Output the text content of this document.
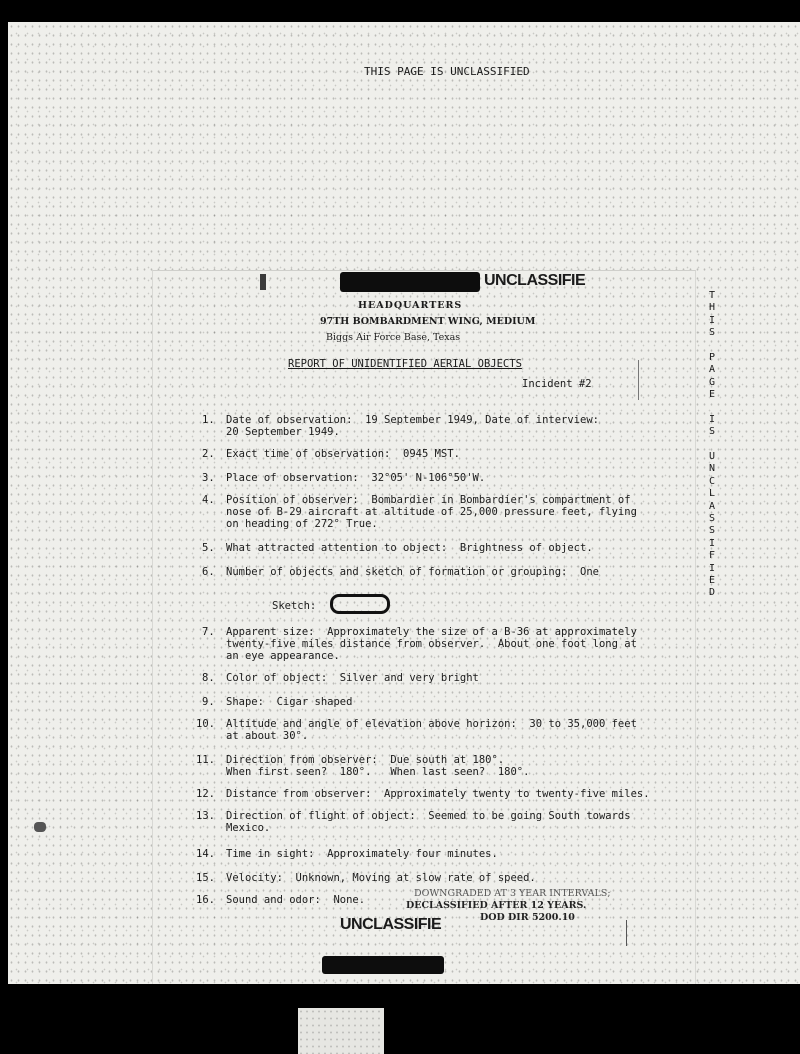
THIS PAGE IS UNCLASSIFIED
UNCLASSIFIE
HEADQUARTERS
97TH BOMBARDMENT WING, MEDIUM
Biggs Air Force Base, Texas
REPORT OF UNIDENTIFIED AERIAL OBJECTS
Incident #2
1. Date of observation:  19 September 1949, Date of interview:
20 September 1949.
2. Exact time of observation:  0945 MST.
3. Place of observation:  32°05' N-106°50'W.
4. Position of observer:  Bombardier in Bombardier's compartment of
nose of B-29 aircraft at altitude of 25,000 pressure feet, flying
on heading of 272° True.
5. What attracted attention to object:  Brightness of object.
6. Number of objects and sketch of formation or grouping:  One
Sketch:
7. Apparent size:  Approximately the size of a B-36 at approximately
twenty-five miles distance from observer.  About one foot long at
an eye appearance.
8. Color of object:  Silver and very bright
9. Shape:  Cigar shaped
10. Altitude and angle of elevation above horizon:  30 to 35,000 feet
at about 30°.
11. Direction from observer:  Due south at 180°.
When first seen?  180°.   When last seen?  180°.
12. Distance from observer:  Approximately twenty to twenty-five miles.
13. Direction of flight of object:  Seemed to be going South towards
Mexico.
14. Time in sight:  Approximately four minutes.
15. Velocity:  Unknown, Moving at slow rate of speed.
16. Sound and odor:  None.
DOWNGRADED AT 3 YEAR INTERVALS;
DECLASSIFIED AFTER 12 YEARS.
DOD DIR 5200.10
UNCLASSIFIE
T
H
I
S
P
A
G
E
I
S
U
N
C
L
A
S
S
I
F
I
E
D
